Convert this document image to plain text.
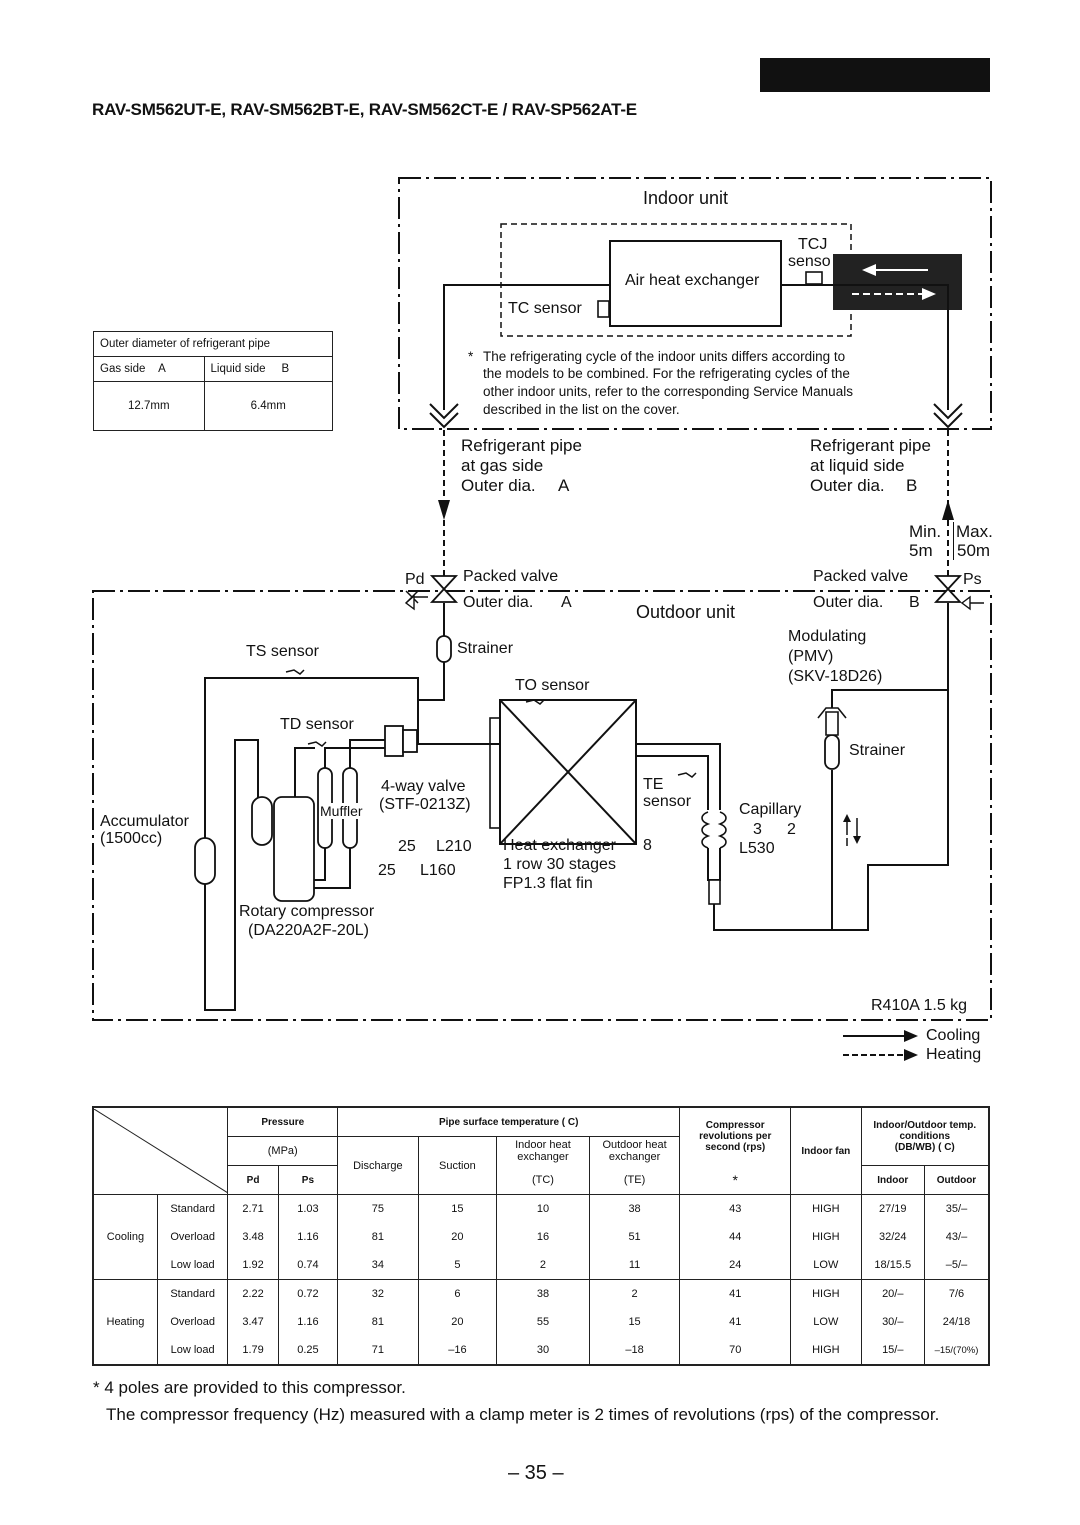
RAV-SM562UT-E, RAV-SM562BT-E, RAV-SM562CT-E / RAV-SP562AT-E
Indoor unit
Air heat exchanger
TCJ
senso
TC sensor
* The refrigerating cycle of the indoor units differs according to
the models to be combined. For the refrigerating cycles of the
other indoor units, refer to the corresponding Service Manuals
described in the list on the cover.
Outer diameter of refrigerant pipe	
Gas side A	Liquid side B
12.7mm	6.4mm
Refrigerant pipe
at gas side
Outer dia. A
Refrigerant pipe
at liquid side
Outer dia. B
Min. Max.
5m 50m
Pd	Ps
Packed valve
Outer dia. A
Packed valve
Outer dia. B
Outdoor unit
Strainer
Strainer
TS sensor
TD sensor
TO sensor
TE
sensor
Modulating
(PMV)
(SKV-18D26)
4-way valve
(STF-0213Z)
Muffler
Accumulator
(1500cc)	25 L210
25 L160
Heat exchanger 8
1 row 30 stages
FP1.3 flat fin
Capillary
3 2
L530
Rotary compressor
(DA220A2F-20L)
R410A 1.5 kg
Cooling
Heating
	Pressure		Pipe surface temperature ( C)				Compressor revolutions per second (rps)	Indoor fan	Indoor/Outdoor temp. conditions
(DB/WB) ( C)	
		(MPa)		Discharge	Suction	Indoor heat exchanger	Outdoor heat exchanger				
		Pd	Ps			(TC)	(TE)	*		Indoor	Outdoor
Cooling	Standard	2.71	1.03	75	15	10	38	43	HIGH	27/19	35/–
	Overload	3.48	1.16	81	20	16	51	44	HIGH	32/24	43/–
	Low load	1.92	0.74	34	5	2	11	24	LOW	18/15.5	–5/–
Heating	Standard	2.22	0.72	32	6	38	2	41	HIGH	20/–	7/6
	Overload	3.47	1.16	81	20	55	15	41	LOW	30/–	24/18
	Low load	1.79	0.25	71	–16	30	–18	70	HIGH	15/–	–15/(70%)
* 4 poles are provided to this compressor.
The compressor frequency (Hz) measured with a clamp meter is 2 times of revolutions (rps) of the compressor.
– 35 –
